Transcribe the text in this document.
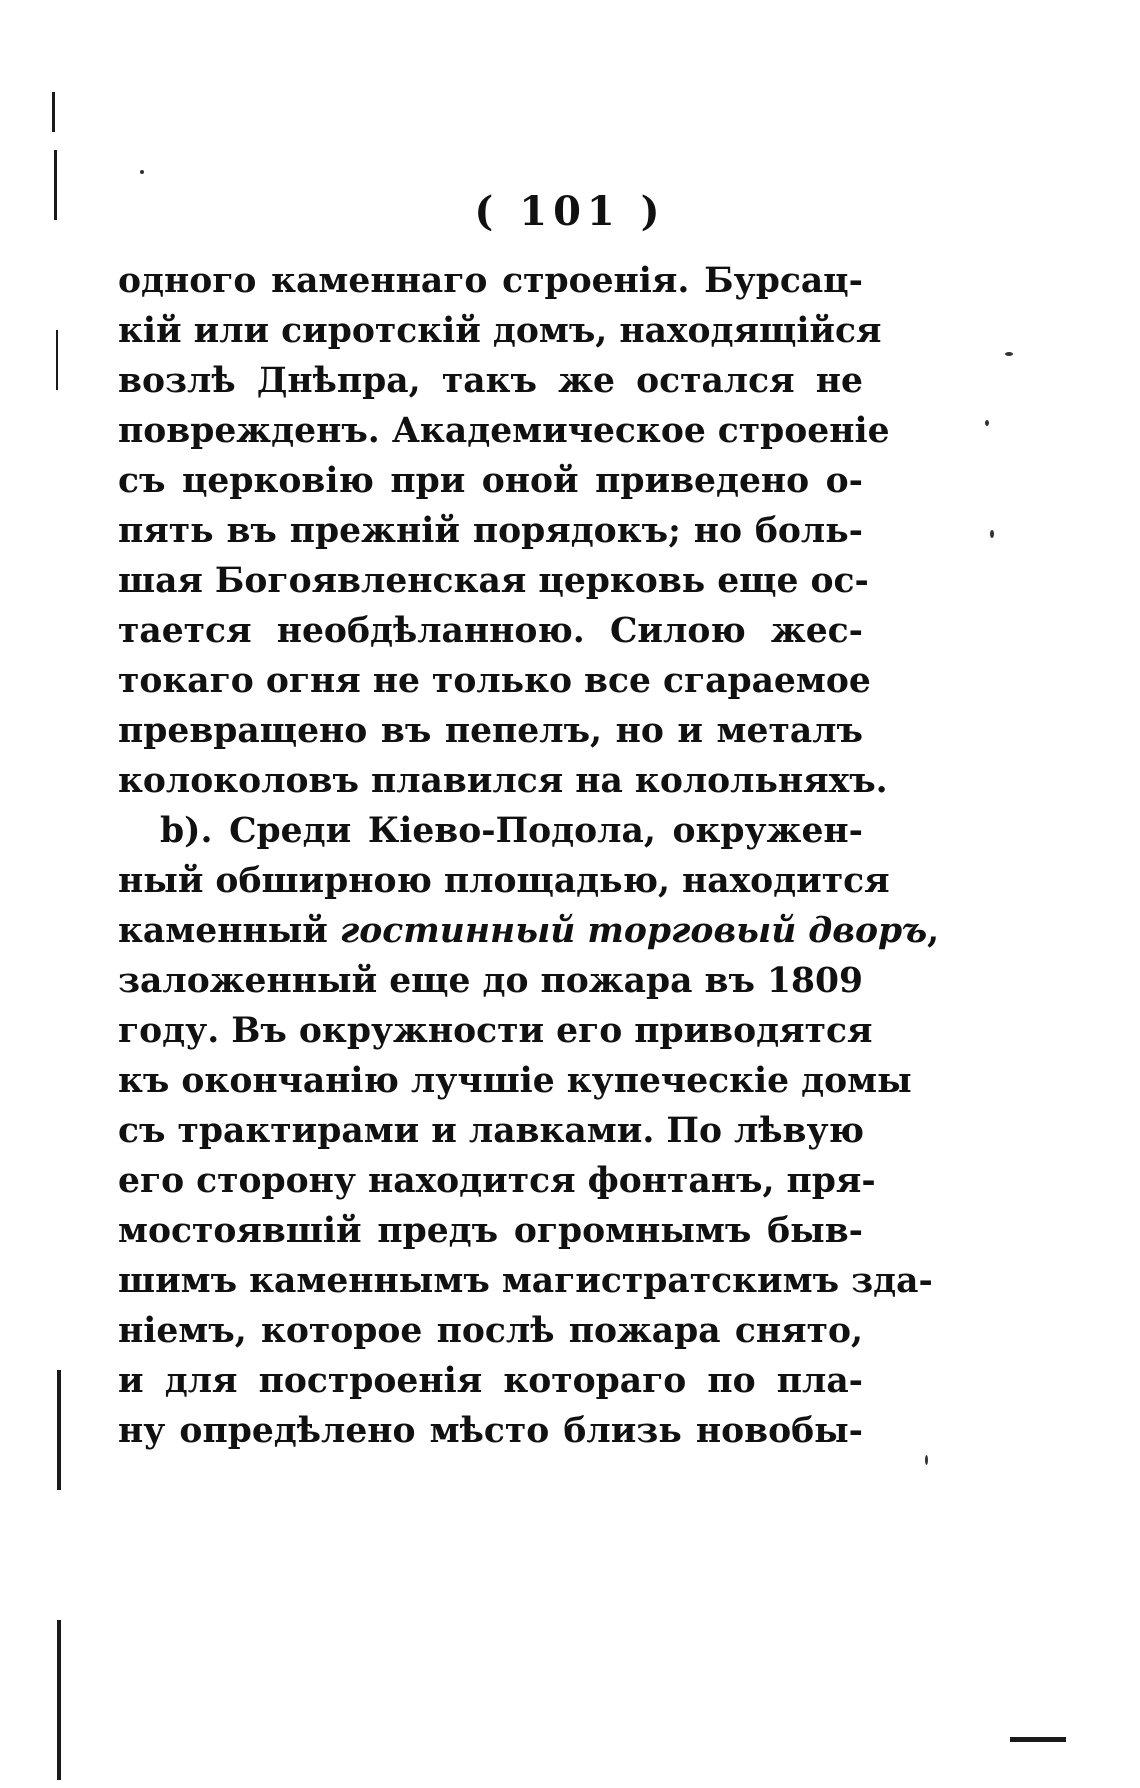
( 101 )
одного каменнаго строенія. Бурсац-
кій или сиротскій домъ, находящійся
возлѣ Днѣпра, такъ же остался не
поврежденъ. Академическое строеніе
съ церковію при оной приведено о-
пять въ прежній порядокъ; но боль-
шая Богоявленская церковь еще ос-
тается необдѣланною. Силою жес-
токаго огня не только все сгараемое
превращено въ пепелъ, но и металъ
колоколовъ плавился на колольняхъ.
b). Среди Кіево-Подола, окружен-
ный обширною площадью, находится
каменный гостинный торговый дворъ,
заложенный еще до пожара въ 1809
году. Въ окружности его приводятся
къ окончанію лучшіе купеческіе домы
съ трактирами и лавками. По лѣвую
его сторону находится фонтанъ, пря-
мостоявшій предъ огромнымъ быв-
шимъ каменнымъ магистратскимъ зда-
ніемъ, которое послѣ пожара снято,
и для построенія котораго по пла-
ну опредѣлено мѣсто близь новобы-
